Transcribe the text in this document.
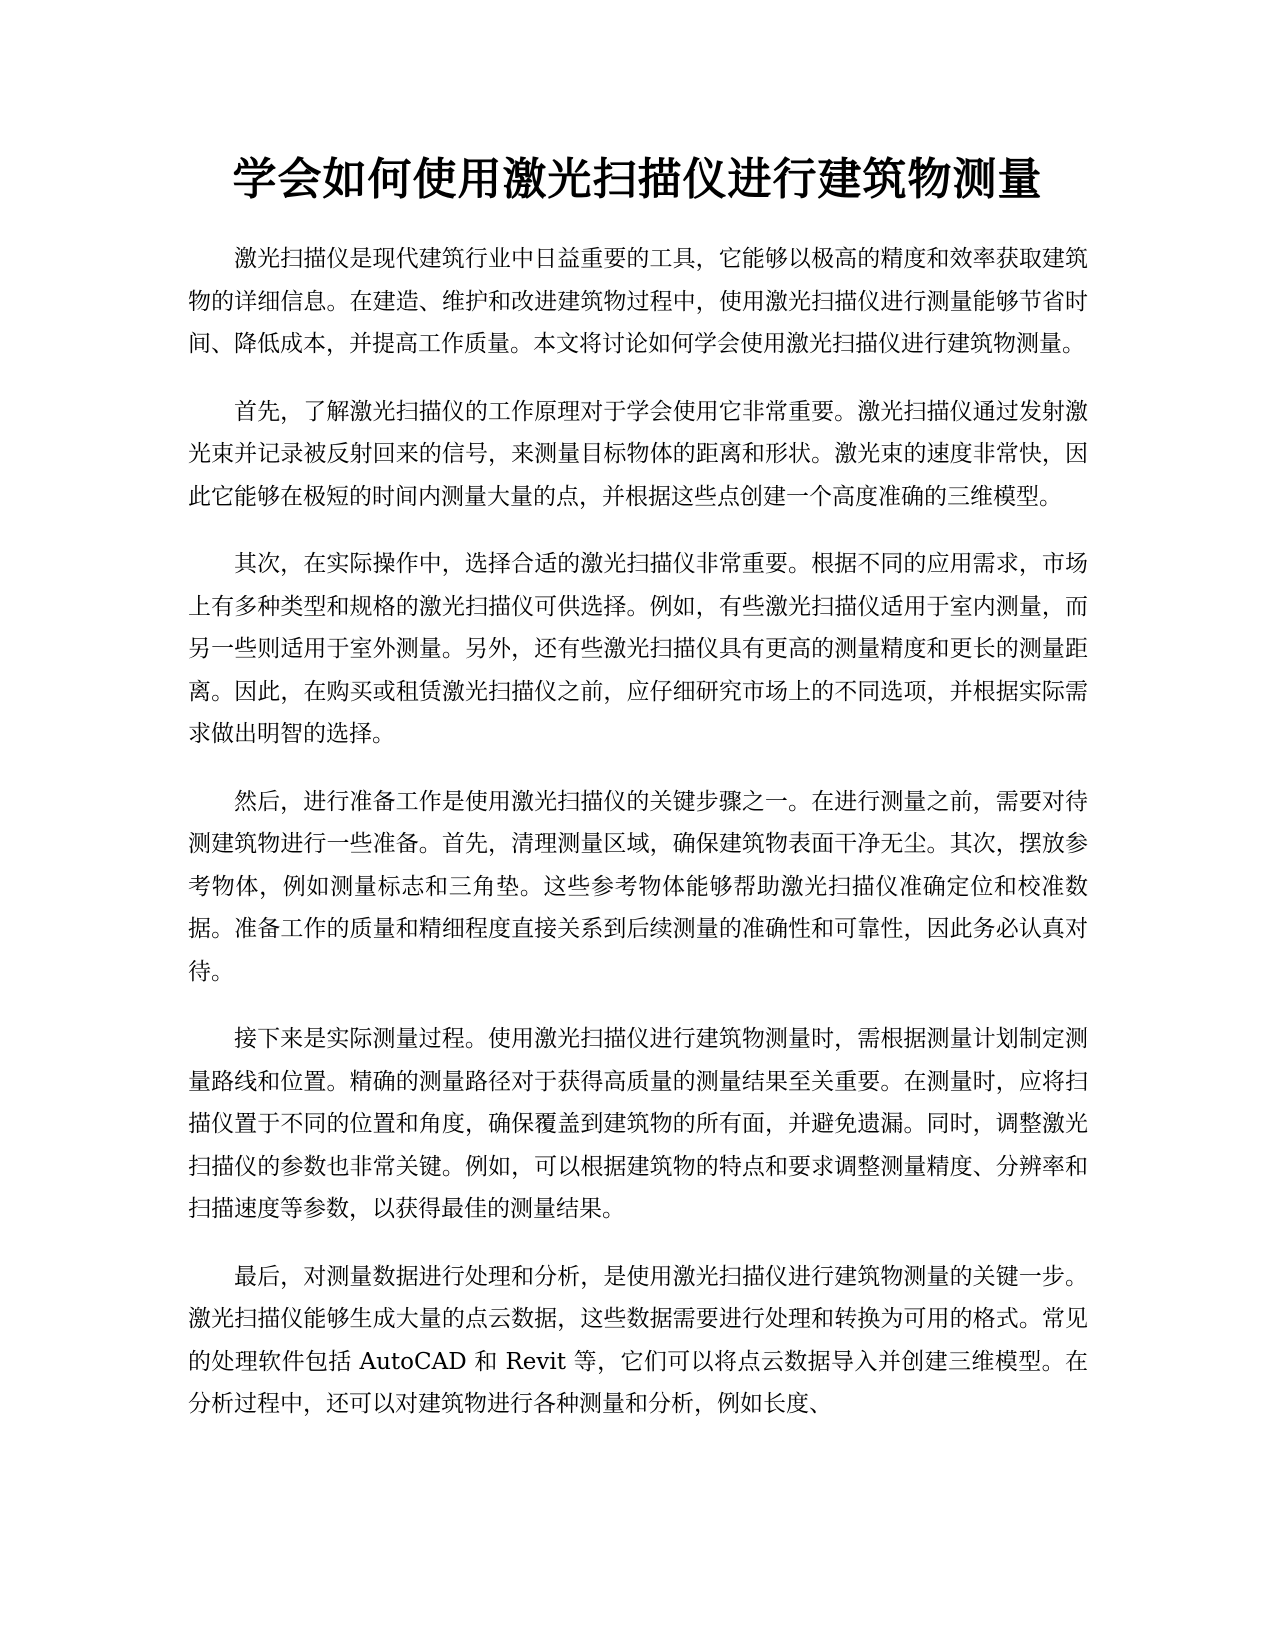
学会如何使用激光扫描仪进行建筑物测量

激光扫描仪是现代建筑行业中日益重要的工具，它能够以极高的精度和效率获取建筑物的详细信息。在建造、维护和改进建筑物过程中，使用激光扫描仪进行测量能够节省时间、降低成本，并提高工作质量。本文将讨论如何学会使用激光扫描仪进行建筑物测量。

首先，了解激光扫描仪的工作原理对于学会使用它非常重要。激光扫描仪通过发射激光束并记录被反射回来的信号，来测量目标物体的距离和形状。激光束的速度非常快，因此它能够在极短的时间内测量大量的点，并根据这些点创建一个高度准确的三维模型。

其次，在实际操作中，选择合适的激光扫描仪非常重要。根据不同的应用需求，市场上有多种类型和规格的激光扫描仪可供选择。例如，有些激光扫描仪适用于室内测量，而另一些则适用于室外测量。另外，还有些激光扫描仪具有更高的测量精度和更长的测量距离。因此，在购买或租赁激光扫描仪之前，应仔细研究市场上的不同选项，并根据实际需求做出明智的选择。

然后，进行准备工作是使用激光扫描仪的关键步骤之一。在进行测量之前，需要对待测建筑物进行一些准备。首先，清理测量区域，确保建筑物表面干净无尘。其次，摆放参考物体，例如测量标志和三角垫。这些参考物体能够帮助激光扫描仪准确定位和校准数据。准备工作的质量和精细程度直接关系到后续测量的准确性和可靠性，因此务必认真对待。

接下来是实际测量过程。使用激光扫描仪进行建筑物测量时，需根据测量计划制定测量路线和位置。精确的测量路径对于获得高质量的测量结果至关重要。在测量时，应将扫描仪置于不同的位置和角度，确保覆盖到建筑物的所有面，并避免遗漏。同时，调整激光扫描仪的参数也非常关键。例如，可以根据建筑物的特点和要求调整测量精度、分辨率和扫描速度等参数，以获得最佳的测量结果。

最后，对测量数据进行处理和分析，是使用激光扫描仪进行建筑物测量的关键一步。激光扫描仪能够生成大量的点云数据，这些数据需要进行处理和转换为可用的格式。常见的处理软件包括 AutoCAD 和 Revit 等，它们可以将点云数据导入并创建三维模型。在分析过程中，还可以对建筑物进行各种测量和分析，例如长度、
